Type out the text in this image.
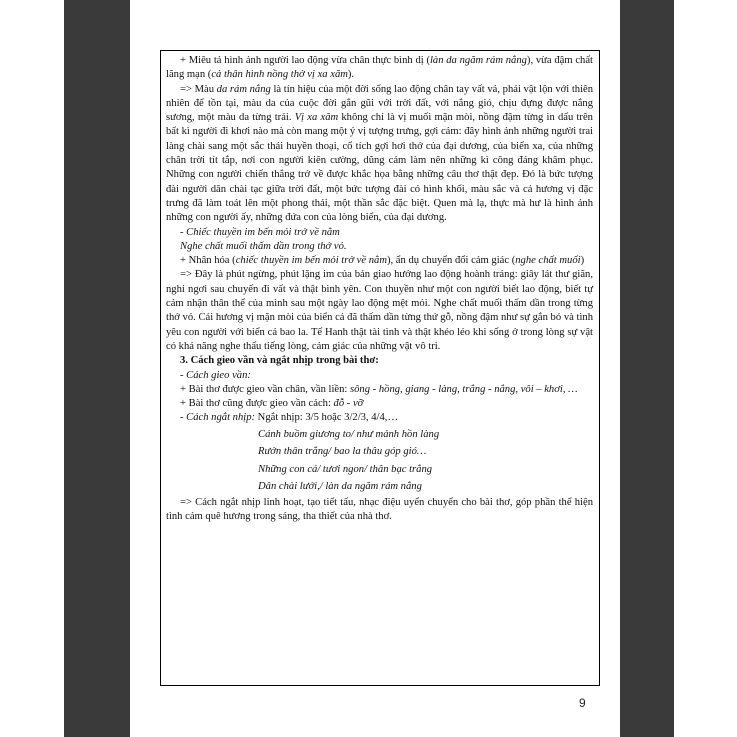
+ Miêu tả hình ảnh người lao động vừa chân thực bình dị (làn da ngăm rám nắng), vừa đậm chất lãng mạn (cả thân hình nồng thở vị xa xăm).

=> Màu da rám nắng là tín hiệu của một đời sống lao động chân tay vất vả, phải vật lộn với thiên nhiên để tồn tại, màu da của cuộc đời gắn gũi với trời đất, với nắng gió, chịu đựng được nắng sương, một màu da từng trải. Vị xa xăm không chỉ là vị muối mặn mòi, nồng đậm từng in dấu trên bất kì người đi khơi nào mà còn mang một ý vị tượng trưng, gợi cảm: đây hình ảnh những người trai làng chài sang một sắc thái huyền thoại, cổ tích gợi hơi thở của đại dương, của biển xa, của những chân trời tít tắp, nơi con người kiên cường, dũng cảm làm nên những kì công đáng khâm phục. Những con người chiến thắng trở về được khắc họa bằng những câu thơ thật đẹp. Đó là bức tượng đài người dân chài tạc giữa trời đất, một bức tượng đài có hình khối, màu sắc và cả hương vị đặc trưng đã làm toát lên một phong thái, một thần sắc đặc biệt. Quen mà lạ, thực mà hư là hình ảnh những con người ấy, những đứa con của lòng biển, của đại dương.

- Chiếc thuyền im bến mỏi trở về nằm

Nghe chất muối thấm dần trong thớ vỏ.

+ Nhân hóa (chiếc thuyền im bến mỏi trở về nằm), ẩn dụ chuyển đổi cảm giác (nghe chất muối)

=> Đây là phút ngừng, phút lặng im của bản giao hưởng lao động hoành tráng: giây lát thư giãn, nghỉ ngơi sau chuyến đi vất và thật bình yên. Con thuyền như một con người biết lao động, biết tự cảm nhận thân thể của mình sau một ngày lao động mệt mỏi. Nghe chất muối thấm dần trong từng thớ vỏ. Cái hương vị mặn mòi của biển cả đã thấm dần từng thứ gỗ, nồng đậm như sự gắn bó và tình yêu con người với biển cả bao la. Tế Hanh thật tài tình và thật khéo léo khi sống ở trong lòng sự vật có khả năng nghe thấu tiếng lòng, cảm giác của những vật vô tri.

3. Cách gieo vần và ngắt nhịp trong bài thơ:

- Cách gieo vần:

+ Bài thơ được gieo vần chân, vần liền: sông - hồng, giang - làng, trắng - nắng, vôi – khơi, …

+ Bài thơ cũng được gieo vần cách: đỗ - vỡ

- Cách ngắt nhịp: Ngắt nhịp: 3/5 hoặc 3/2/3, 4/4,…

Cánh buồm giương to/ như mảnh hồn làng

Rướn thân trắng/ bao la thâu góp gió…

Những con cá/ tươi ngon/ thân bạc trắng

Dân chài lưới,/ làn da ngăm rám nắng

=> Cách ngắt nhịp linh hoạt, tạo tiết tấu, nhạc điệu uyển chuyển cho bài thơ, góp phần thể hiện tình cảm quê hương trong sáng, tha thiết của nhà thơ.

9
